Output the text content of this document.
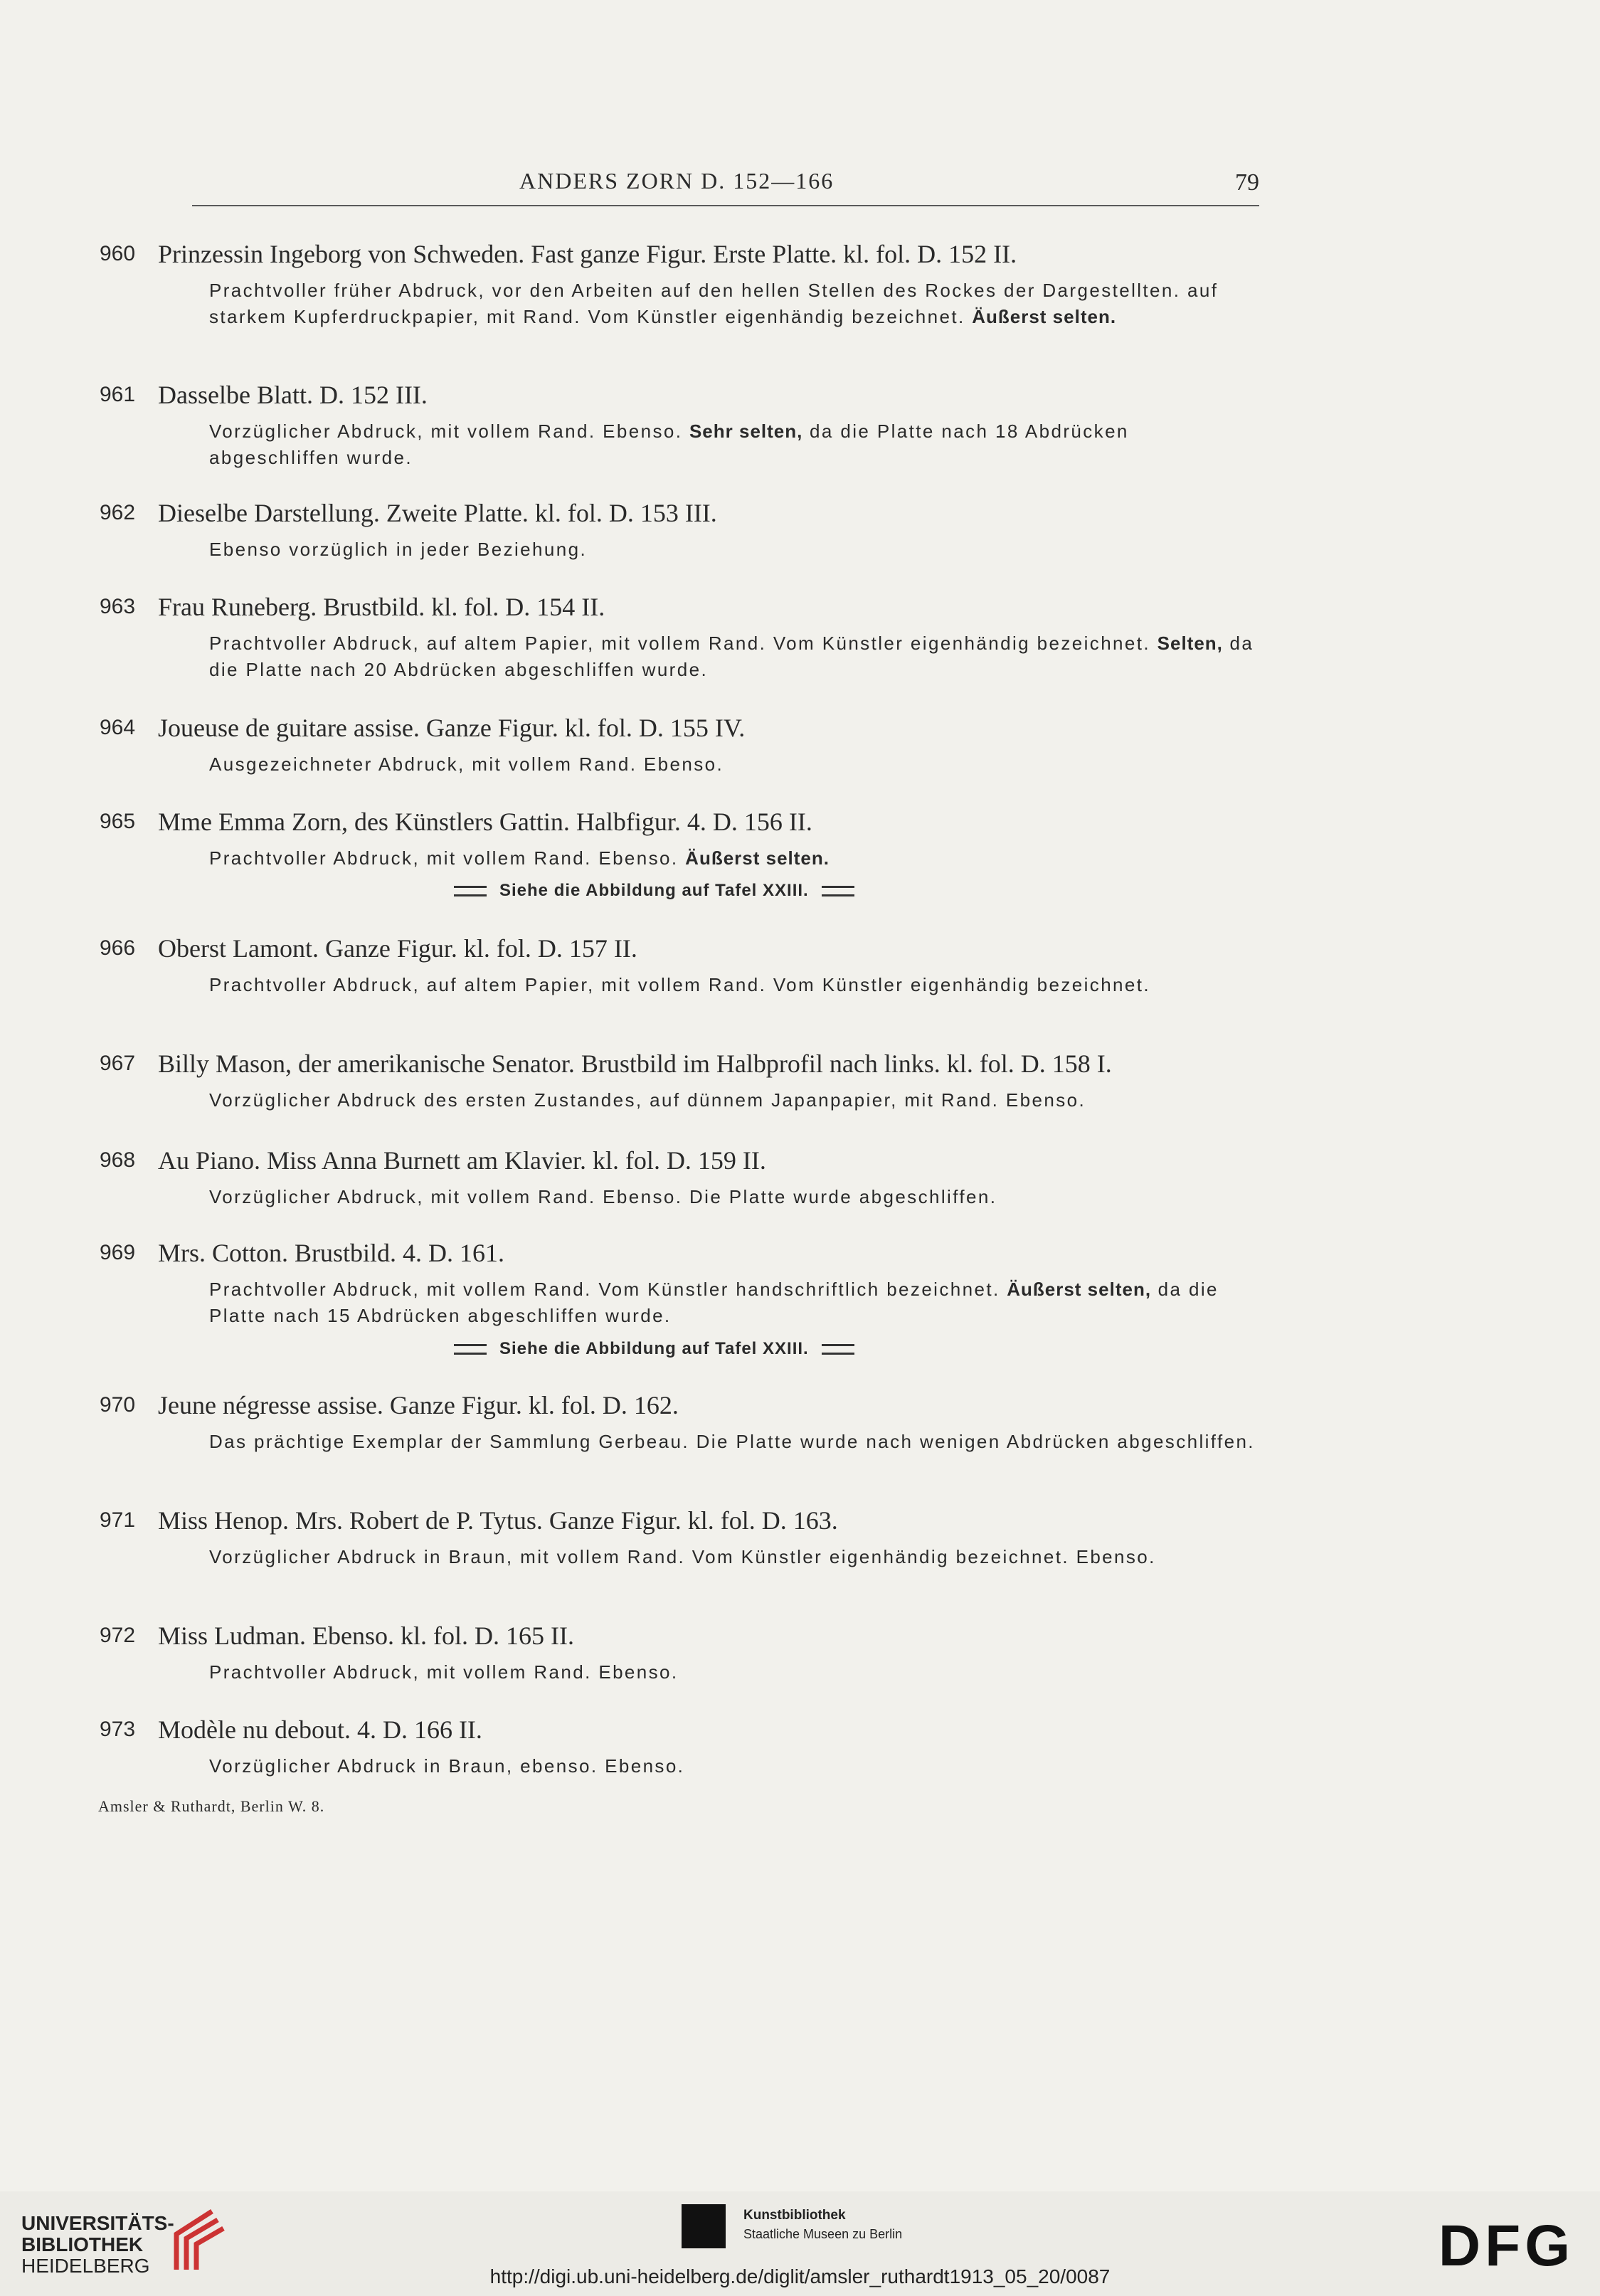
ANDERS ZORN D. 152—166	79
960 Prinzessin Ingeborg von Schweden. Fast ganze Figur. Erste Platte. kl. fol. D. 152 II.
Prachtvoller früher Abdruck, vor den Arbeiten auf den hellen Stellen des Rockes der Dargestellten. auf starkem Kupferdruckpapier, mit Rand. Vom Künstler eigenhändig bezeichnet. Äußerst selten.
961 Dasselbe Blatt. D. 152 III.
Vorzüglicher Abdruck, mit vollem Rand. Ebenso. Sehr selten, da die Platte nach 18 Abdrücken abgeschliffen wurde.
962 Dieselbe Darstellung. Zweite Platte. kl. fol. D. 153 III.
Ebenso vorzüglich in jeder Beziehung.
963 Frau Runeberg. Brustbild. kl. fol. D. 154 II.
Prachtvoller Abdruck, auf altem Papier, mit vollem Rand. Vom Künstler eigenhändig bezeichnet. Selten, da die Platte nach 20 Abdrücken abgeschliffen wurde.
964 Joueuse de guitare assise. Ganze Figur. kl. fol. D. 155 IV.
Ausgezeichneter Abdruck, mit vollem Rand. Ebenso.
965 Mme Emma Zorn, des Künstlers Gattin. Halbfigur. 4. D. 156 II.
Prachtvoller Abdruck, mit vollem Rand. Ebenso. Äußerst selten.
Siehe die Abbildung auf Tafel XXIII.
966 Oberst Lamont. Ganze Figur. kl. fol. D. 157 II.
Prachtvoller Abdruck, auf altem Papier, mit vollem Rand. Vom Künstler eigenhändig bezeichnet.
967 Billy Mason, der amerikanische Senator. Brustbild im Halbprofil nach links. kl. fol. D. 158 I.
Vorzüglicher Abdruck des ersten Zustandes, auf dünnem Japanpapier, mit Rand. Ebenso.
968 Au Piano. Miss Anna Burnett am Klavier. kl. fol. D. 159 II.
Vorzüglicher Abdruck, mit vollem Rand. Ebenso. Die Platte wurde abgeschliffen.
969 Mrs. Cotton. Brustbild. 4. D. 161.
Prachtvoller Abdruck, mit vollem Rand. Vom Künstler handschriftlich bezeichnet. Äußerst selten, da die Platte nach 15 Abdrücken abgeschliffen wurde.
Siehe die Abbildung auf Tafel XXIII.
970 Jeune négresse assise. Ganze Figur. kl. fol. D. 162.
Das prächtige Exemplar der Sammlung Gerbeau. Die Platte wurde nach wenigen Abdrücken abgeschliffen.
971 Miss Henop. Mrs. Robert de P. Tytus. Ganze Figur. kl. fol. D. 163.
Vorzüglicher Abdruck in Braun, mit vollem Rand. Vom Künstler eigenhändig bezeichnet. Ebenso.
972 Miss Ludman. Ebenso. kl. fol. D. 165 II.
Prachtvoller Abdruck, mit vollem Rand. Ebenso.
973 Modèle nu debout. 4. D. 166 II.
Vorzüglicher Abdruck in Braun, ebenso. Ebenso.
Amsler & Ruthardt, Berlin W. 8.
UNIVERSITÄTS-
BIBLIOTHEK
HEIDELBERG
Kunstbibliothek
Staatliche Museen zu Berlin	DFG
http://digi.ub.uni-heidelberg.de/diglit/amsler_ruthardt1913_05_20/0087
